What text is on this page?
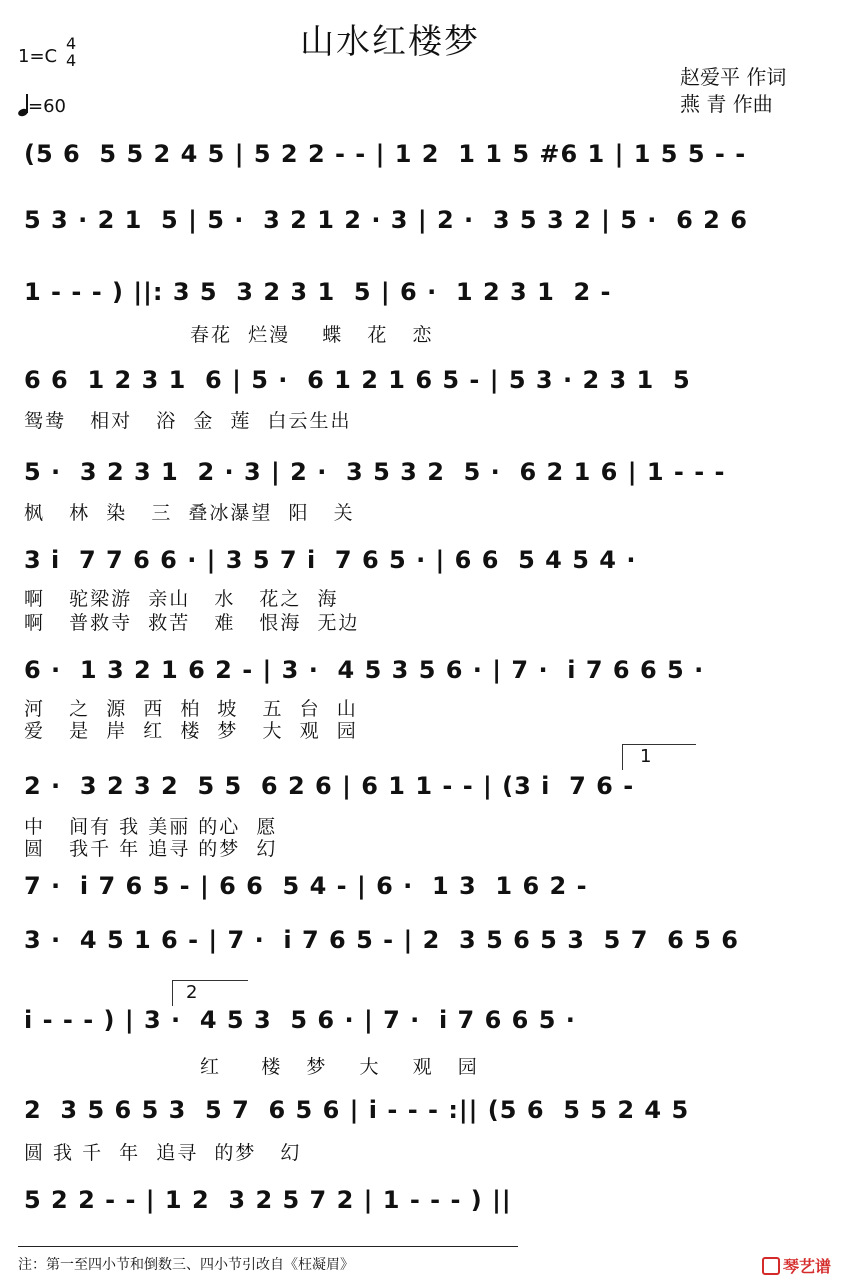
山水红楼梦
1=C
4
4
=60
赵爱平 作词
燕 青 作曲
(5 6  5 5 2 4 5 | 5 2 2 - - | 1 2  1 1 5 #6 1 | 1 5 5 - -
5 3 · 2 1  5 | 5 ·  3 2 1 2 · 3 | 2 ·  3 5 3 2 | 5 ·  6 2 6
1 - - - ) ||: 3 5  3 2 3 1  5 | 6 ·  1 2 3 1  2 -
春花  烂漫    蝶   花   恋
6 6  1 2 3 1  6 | 5 ·  6 1 2 1 6 5 - | 5 3 · 2 3 1  5
鸳鸯   相对   浴  金  莲  白云生出
5 ·  3 2 3 1  2 · 3 | 2 ·  3 5 3 2  5 ·  6 2 1 6 | 1 - - -
枫   林  染   三  叠冰瀑望  阳   关
3 i  7 7 6 6 · | 3 5 7 i  7 6 5 · | 6 6  5 4 5 4 ·
啊   驼梁游  亲山   水   花之  海
啊   普救寺  救苦   难   恨海  无边
6 ·  1 3 2 1 6 2 - | 3 ·  4 5 3 5 6 · | 7 ·  i 7 6 6 5 ·
河   之  源  西  柏  坡   五  台  山
爱   是  岸  红  楼  梦   大  观  园
1
2 ·  3 2 3 2  5 5  6 2 6 | 6 1 1 - - | (3 i  7 6 -
中   间有 我 美丽 的心  愿
圆   我千 年 追寻 的梦  幻
7 ·  i 7 6 5 - | 6 6  5 4 - | 6 ·  1 3  1 6 2 -
3 ·  4 5 1 6 - | 7 ·  i 7 6 5 - | 2  3 5 6 5 3  5 7  6 5 6
2
i - - - ) | 3 ·  4 5 3  5 6 · | 7 ·  i 7 6 6 5 ·
红     楼   梦    大    观   园
2  3 5 6 5 3  5 7  6 5 6 | i - - - :|| (5 6  5 5 2 4 5
圆 我 千  年  追寻  的梦   幻
5 2 2 - - | 1 2  3 2 5 7 2 | 1 - - - ) ||
注：第一至四小节和倒数三、四小节引改自《枉凝眉》	琴艺谱
